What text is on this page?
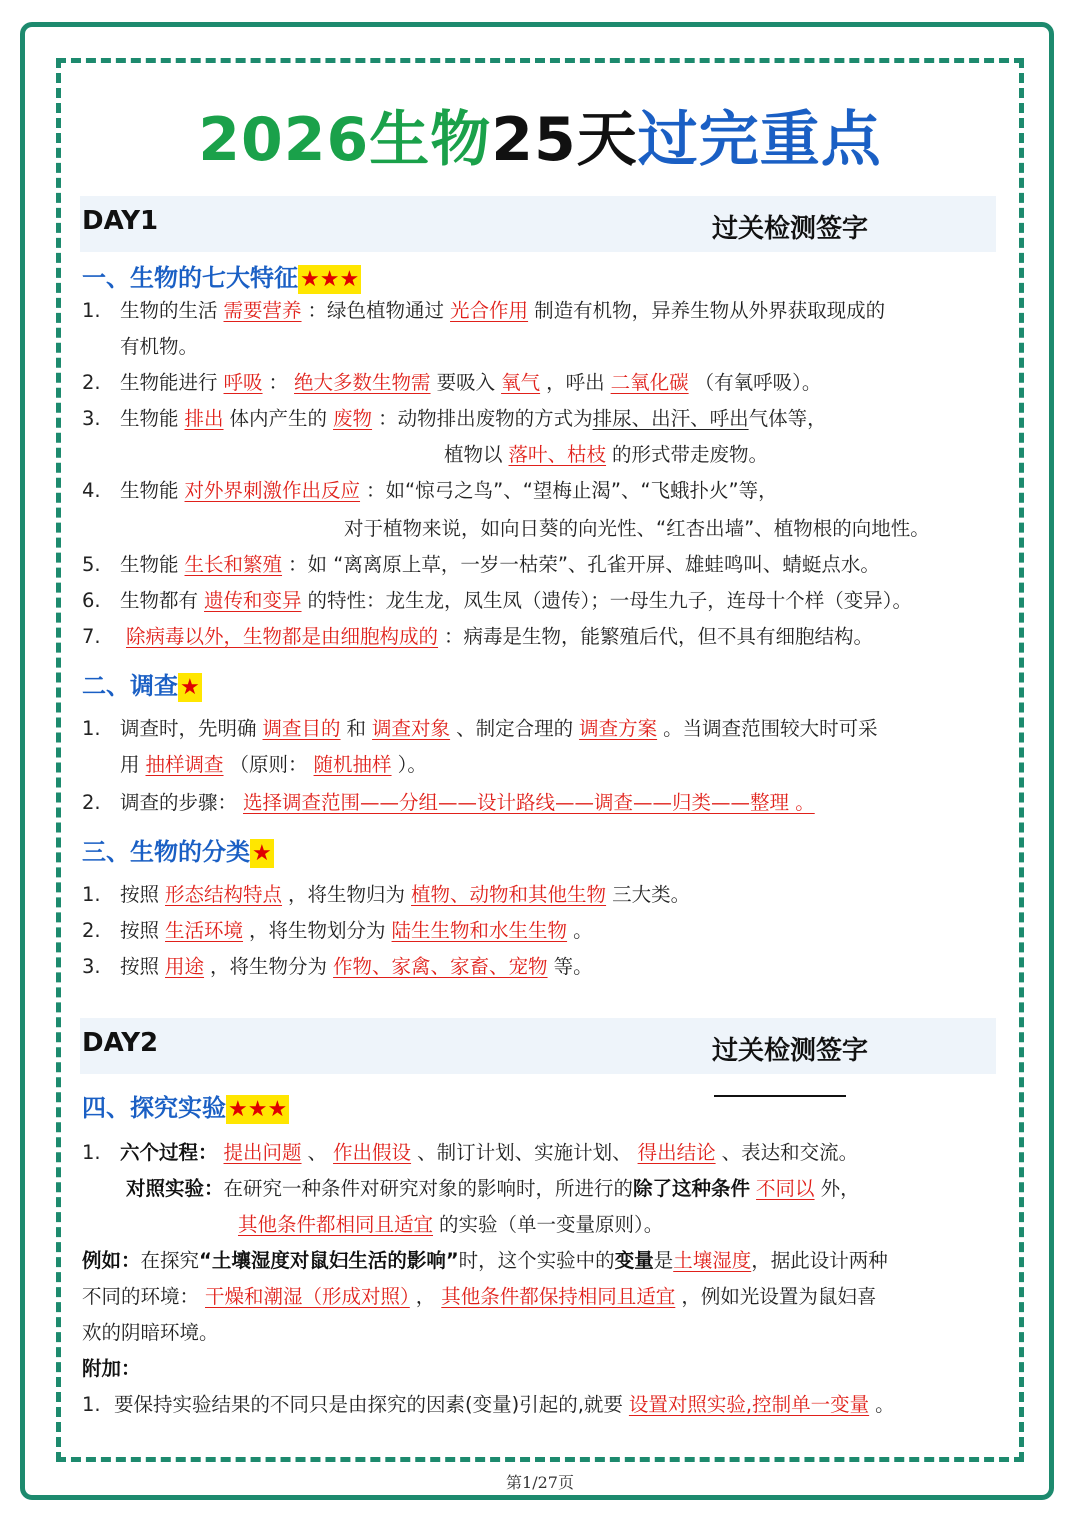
2026生物25天过完重点
DAY1	过关检测签字
一、生物的七大特征★★★
1. 生物的生活 需要营养 ：绿色植物通过 光合作用 制造有机物，异养生物从外界获取现成的
有机物。
2. 生物能进行 呼吸 ： 绝大多数生物需 要吸入 氧气 ，呼出 二氧化碳 （有氧呼吸）。
3. 生物能 排出 体内产生的 废物 ：动物排出废物的方式为排尿、出汗、呼出气体等，
植物以 落叶、枯枝 的形式带走废物。
4. 生物能 对外界刺激作出反应 ：如“惊弓之鸟”、“望梅止渴”、“飞蛾扑火”等，
对于植物来说，如向日葵的向光性、“红杏出墙”、植物根的向地性。
5. 生物能 生长和繁殖 ：如 “离离原上草，一岁一枯荣”、孔雀开屏、雄蛙鸣叫、蜻蜓点水。
6. 生物都有 遗传和变异 的特性：龙生龙，凤生凤（遗传）；一母生九子，连母十个样（变异）。
7. 除病毒以外，生物都是由细胞构成的 ：病毒是生物，能繁殖后代，但不具有细胞结构。
二、调查★
1. 调查时，先明确 调查目的 和 调查对象 、制定合理的 调查方案 。当调查范围较大时可采
用 抽样调查 （原则： 随机抽样 ）。
2. 调查的步骤： 选择调查范围——分组——设计路线——调查——归类——整理 。
三、生物的分类★
1. 按照 形态结构特点 ，将生物归为 植物、动物和其他生物 三大类。
2. 按照 生活环境 ，将生物划分为 陆生生物和水生生物 。
3. 按照 用途 ，将生物分为 作物、家禽、家畜、宠物 等。
DAY2	过关检测签字
四、探究实验★★★
1. 六个过程： 提出问题 、 作出假设 、制订计划、实施计划、 得出结论 、表达和交流。
对照实验：在研究一种条件对研究对象的影响时，所进行的除了这种条件 不同以 外，
其他条件都相同且适宜 的实验（单一变量原则）。
例如：在探究“土壤湿度对鼠妇生活的影响”时，这个实验中的变量是土壤湿度，据此设计两种
不同的环境： 干燥和潮湿（形成对照） ， 其他条件都保持相同且适宜 ，例如光设置为鼠妇喜
欢的阴暗环境。
附加：
1. 要保持实验结果的不同只是由探究的因素(变量)引起的,就要 设置对照实验,控制单一变量 。
第1/27页
